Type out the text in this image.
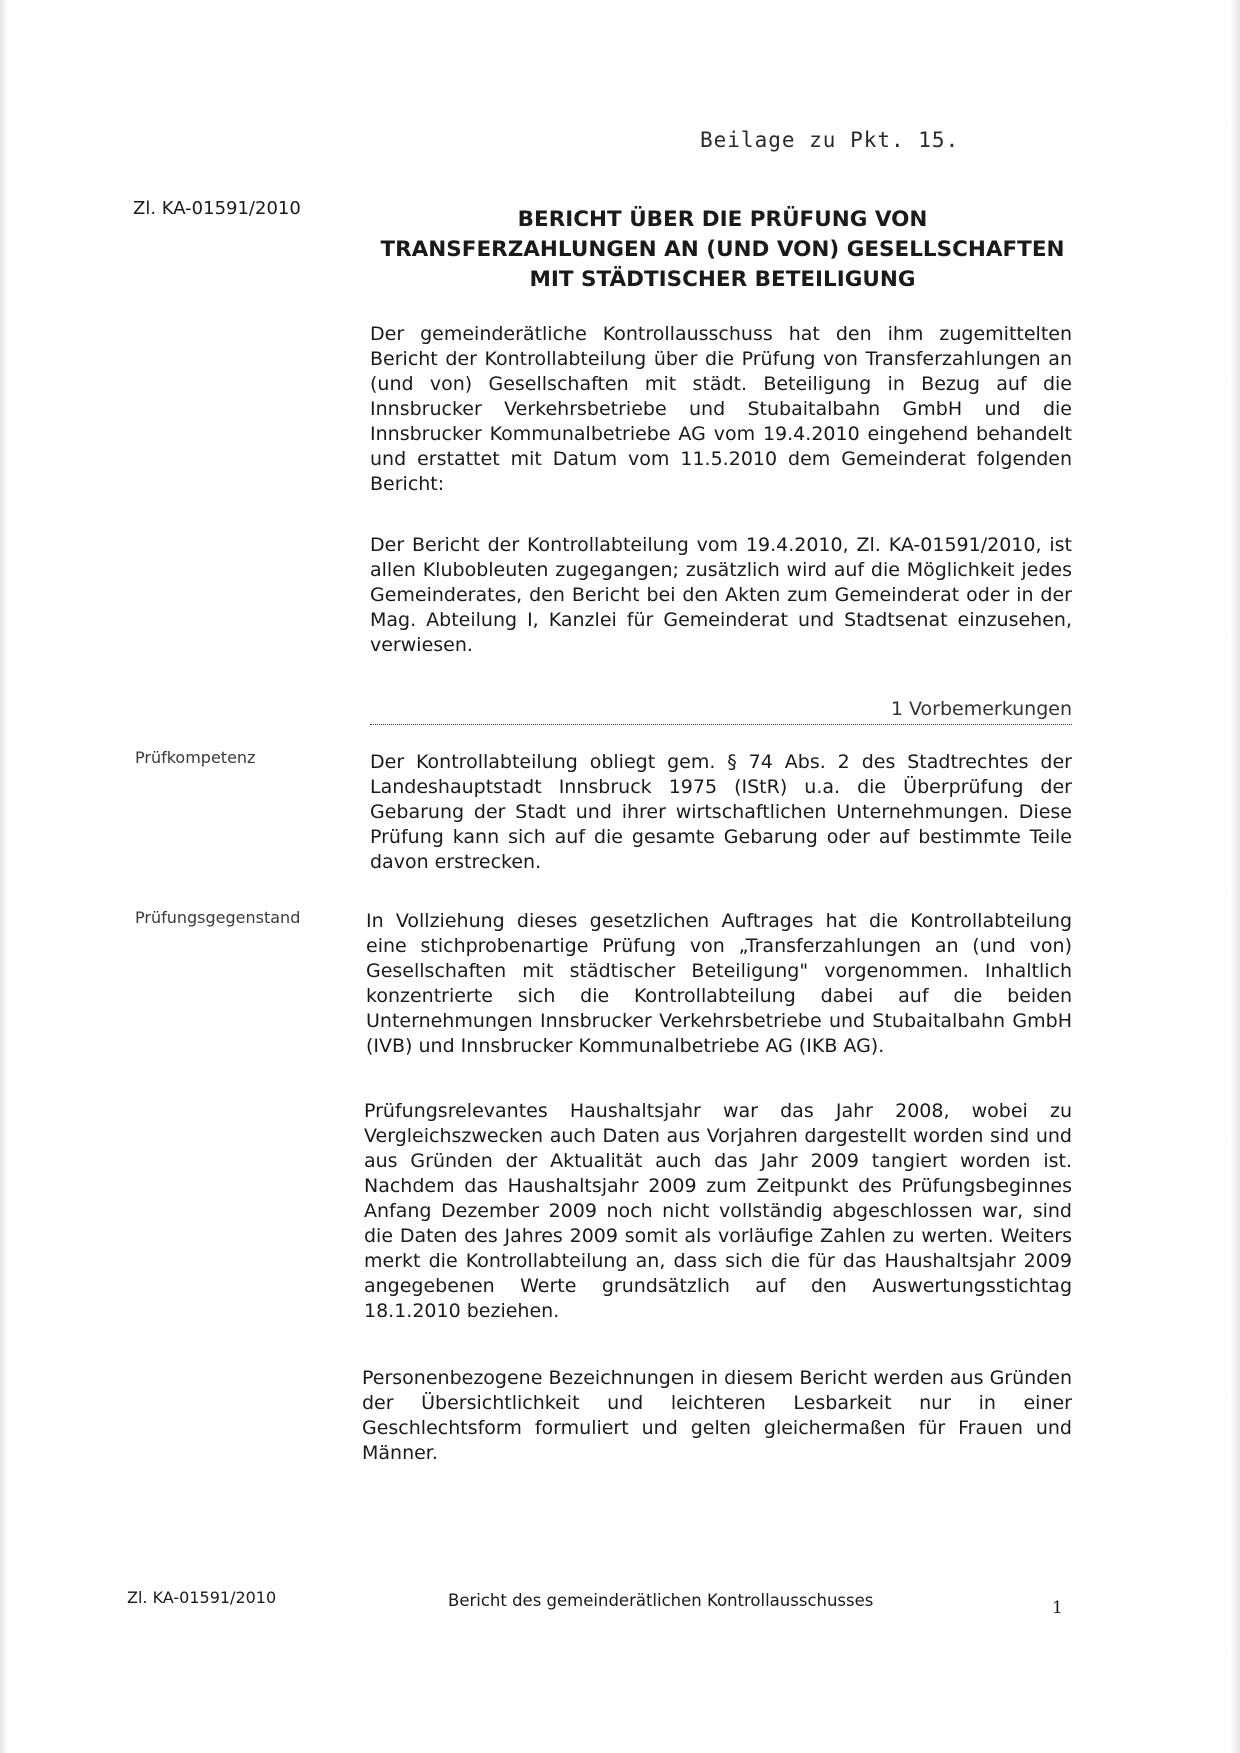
Beilage zu Pkt. 15.
Zl. KA-01591/2010	BERICHT ÜBER DIE PRÜFUNG VON
TRANSFERZAHLUNGEN AN (UND VON) GESELLSCHAFTEN
MIT STÄDTISCHER BETEILIGUNG

Der gemeinderätliche Kontrollausschuss hat den ihm zugemittelten Bericht der Kontrollabteilung über die Prüfung von Transferzahlungen an (und von) Gesellschaften mit städt. Beteiligung in Bezug auf die Innsbrucker Verkehrsbetriebe und Stubaitalbahn GmbH und die Innsbrucker Kommunalbetriebe AG vom 19.4.2010 eingehend behandelt und erstattet mit Datum vom 11.5.2010 dem Gemeinderat folgenden Bericht:

Der Bericht der Kontrollabteilung vom 19.4.2010, Zl. KA-01591/2010, ist allen Klubobleuten zugegangen; zusätzlich wird auf die Möglichkeit jedes Gemeinderates, den Bericht bei den Akten zum Gemeinderat oder in der Mag. Abteilung I, Kanzlei für Gemeinderat und Stadtsenat einzusehen, verwiesen.

1 Vorbemerkungen
Prüfkompetenz	Der Kontrollabteilung obliegt gem. § 74 Abs. 2 des Stadtrechtes der Landeshauptstadt Innsbruck 1975 (IStR) u.a. die Überprüfung der Gebarung der Stadt und ihrer wirtschaftlichen Unternehmungen. Diese Prüfung kann sich auf die gesamte Gebarung oder auf bestimmte Teile davon erstrecken.

Prüfungsgegenstand	In Vollziehung dieses gesetzlichen Auftrages hat die Kontrollabteilung eine stichprobenartige Prüfung von „Transferzahlungen an (und von) Gesellschaften mit städtischer Beteiligung" vorgenommen. Inhaltlich konzentrierte sich die Kontrollabteilung dabei auf die beiden Unternehmungen Innsbrucker Verkehrsbetriebe und Stubaitalbahn GmbH (IVB) und Innsbrucker Kommunalbetriebe AG (IKB AG).

Prüfungsrelevantes Haushaltsjahr war das Jahr 2008, wobei zu Vergleichszwecken auch Daten aus Vorjahren dargestellt worden sind und aus Gründen der Aktualität auch das Jahr 2009 tangiert worden ist. Nachdem das Haushaltsjahr 2009 zum Zeitpunkt des Prüfungsbeginnes Anfang Dezember 2009 noch nicht vollständig abgeschlossen war, sind die Daten des Jahres 2009 somit als vorläufige Zahlen zu werten. Weiters merkt die Kontrollabteilung an, dass sich die für das Haushaltsjahr 2009 angegebenen Werte grundsätzlich auf den Auswertungsstichtag 18.1.2010 beziehen.

Personenbezogene Bezeichnungen in diesem Bericht werden aus Gründen der Übersichtlichkeit und leichteren Lesbarkeit nur in einer Geschlechtsform formuliert und gelten gleichermaßen für Frauen und Männer.

Zl. KA-01591/2010	Bericht des gemeinderätlichen Kontrollausschusses	1
